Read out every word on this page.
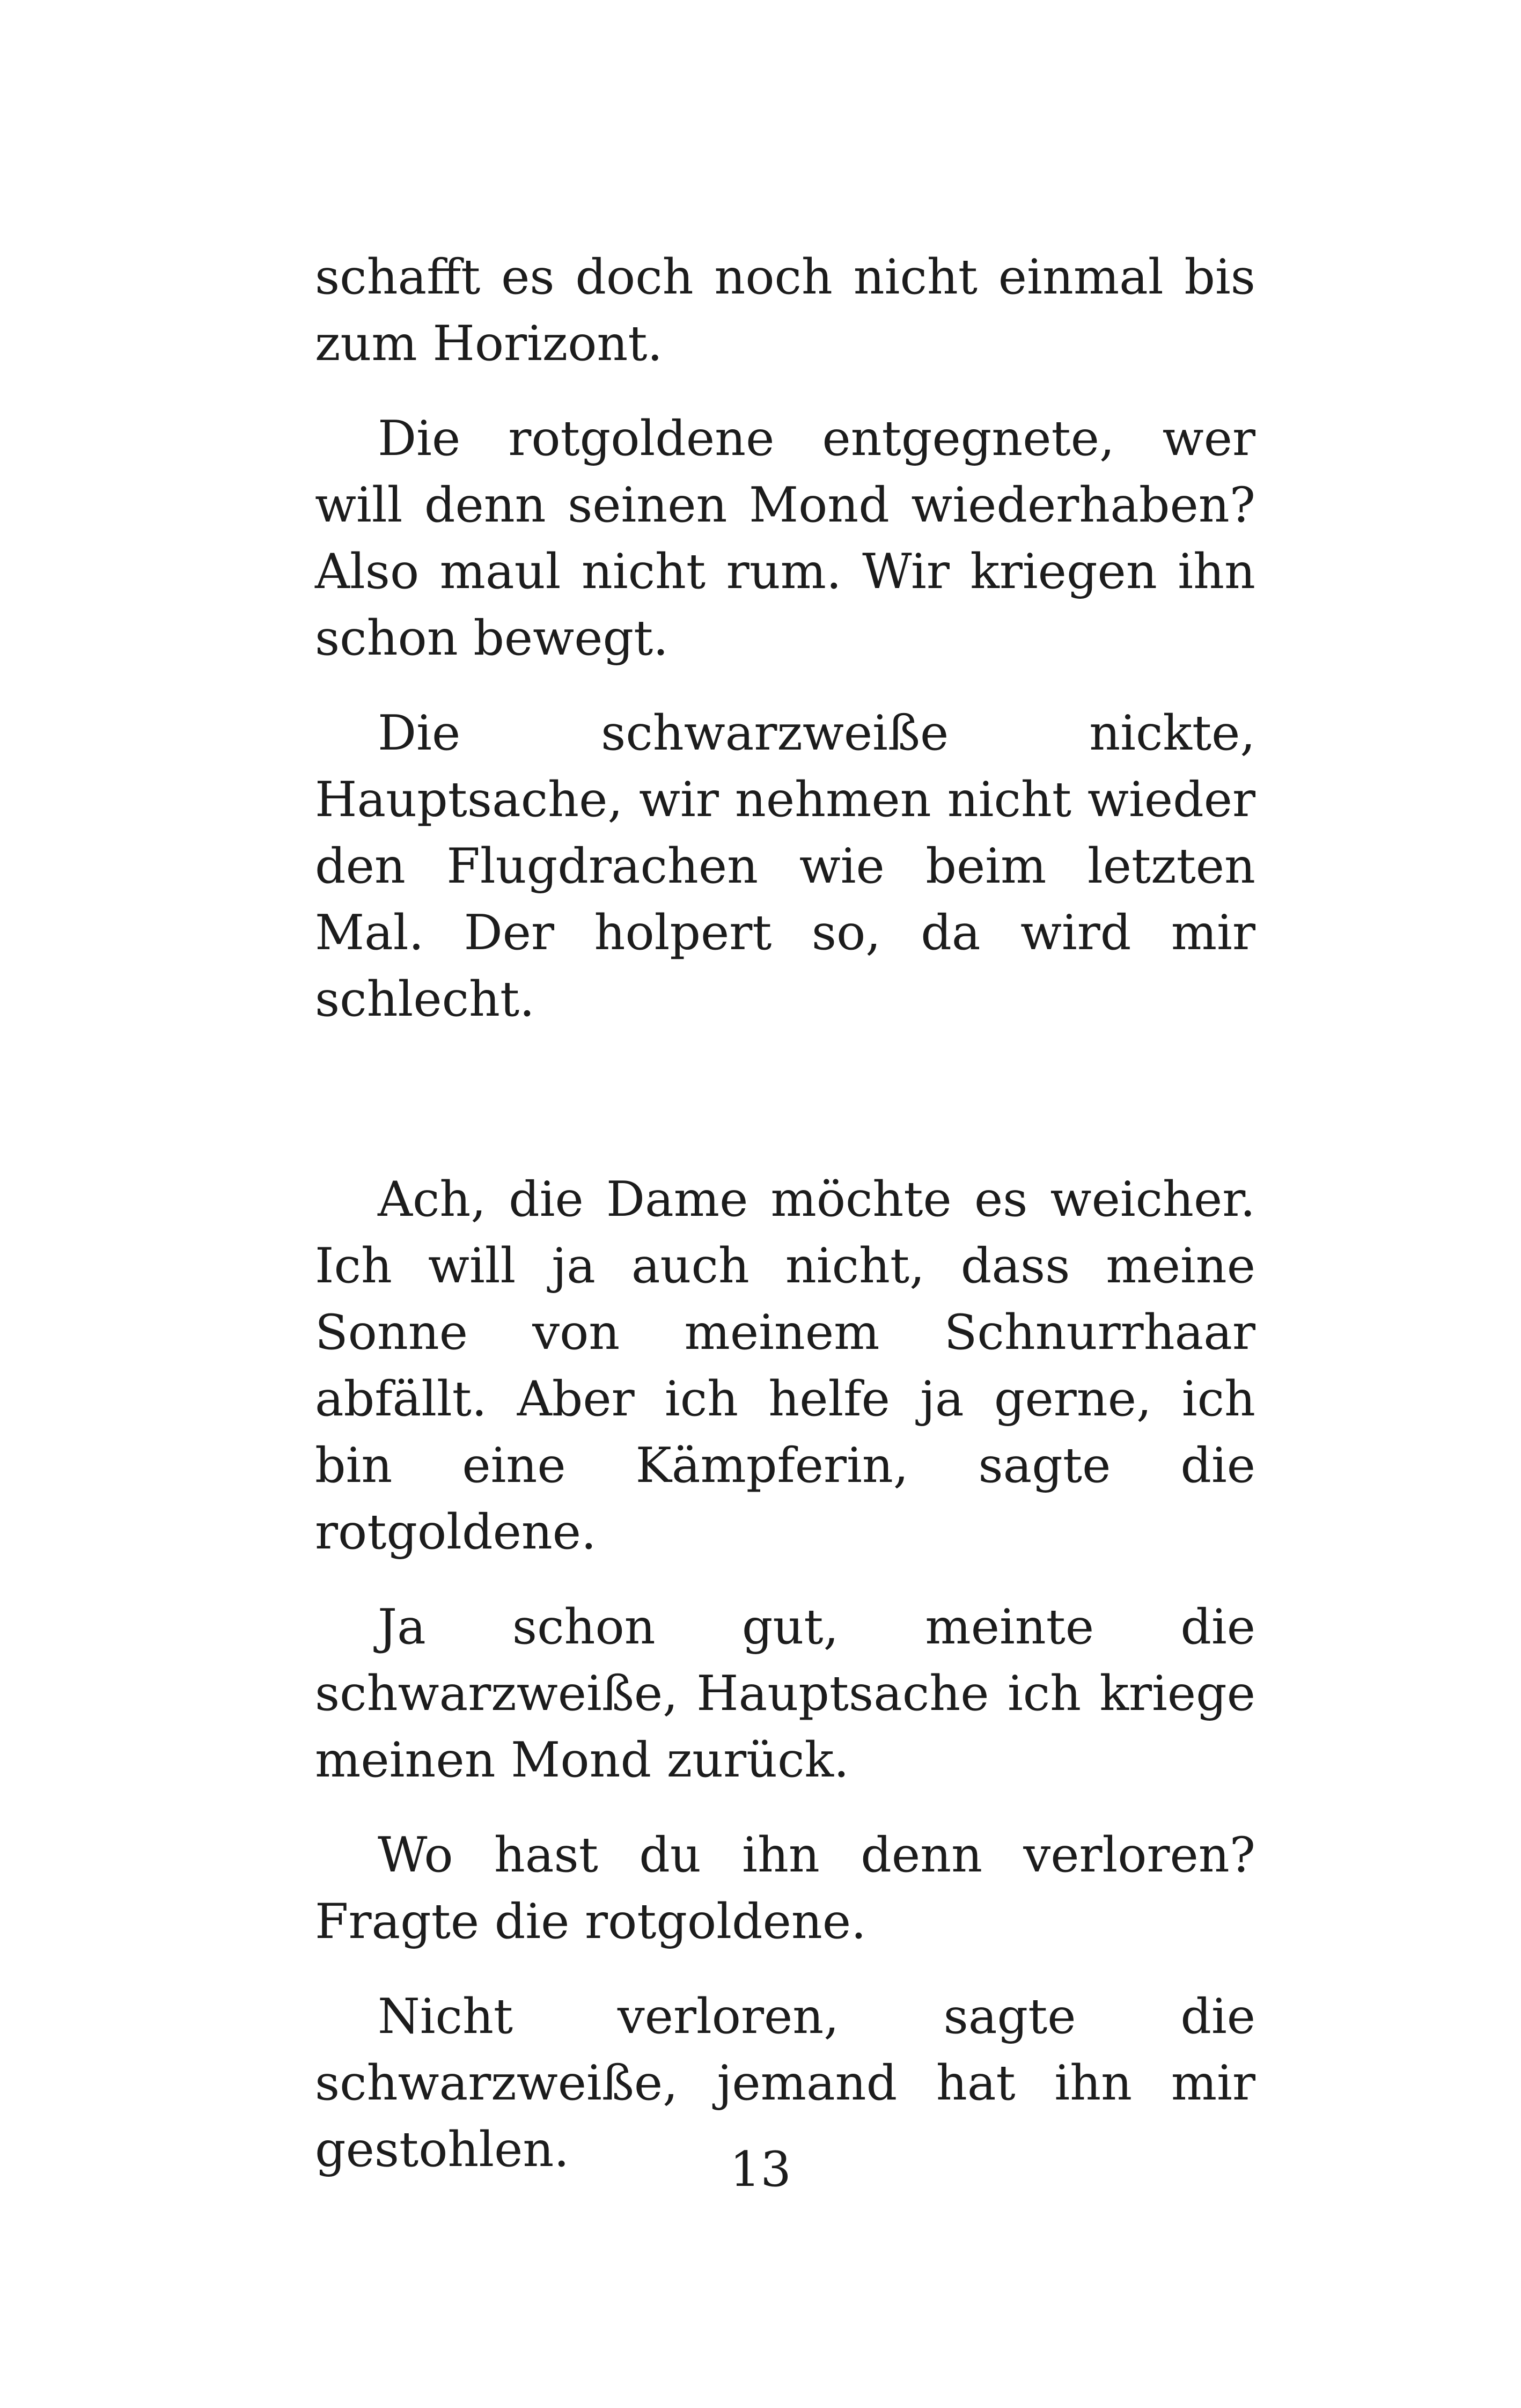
schafft es doch noch nicht einmal bis zum Horizont.

Die rotgoldene entgegnete, wer will denn seinen Mond wiederhaben? Also maul nicht rum. Wir kriegen ihn schon bewegt.

Die schwarzweiße nickte, Hauptsache, wir nehmen nicht wieder den Flugdrachen wie beim letzten Mal. Der holpert so, da wird mir schlecht.

Ach, die Dame möchte es weicher. Ich will ja auch nicht, dass meine Sonne von meinem Schnurrhaar abfällt. Aber ich helfe ja gerne, ich bin eine Kämpferin, sagte die rotgoldene.

Ja schon gut, meinte die schwarzweiße, Hauptsache ich kriege meinen Mond zurück.

Wo hast du ihn denn verloren? Fragte die rotgoldene.

Nicht verloren, sagte die schwarzweiße, jemand hat ihn mir gestohlen.	13
